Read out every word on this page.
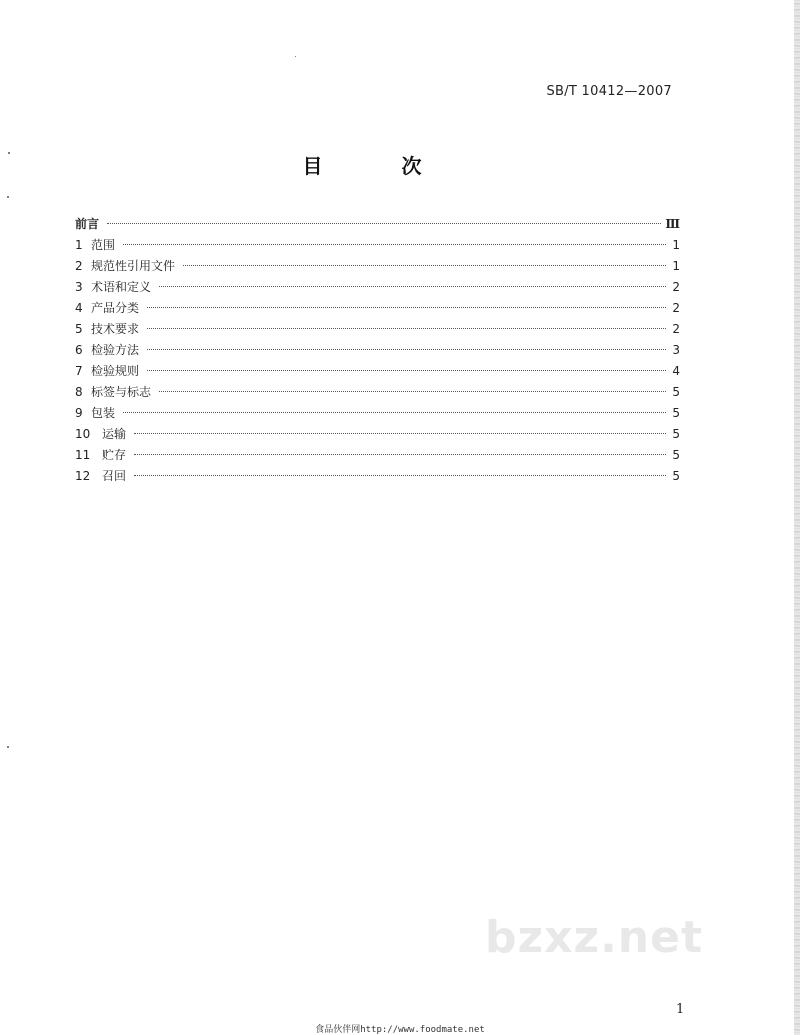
SB/T 10412—2007
目 次
前言	Ⅲ
1 范围	1
2 规范性引用文件	1
3 术语和定义	2
4 产品分类	2
5 技术要求	2
6 检验方法	3
7 检验规则	4
8 标签与标志	5
9 包装	5
10 运输	5
11 贮存	5
12 召回	5
bzxz.net
1
食品伙伴网http://www.foodmate.net
